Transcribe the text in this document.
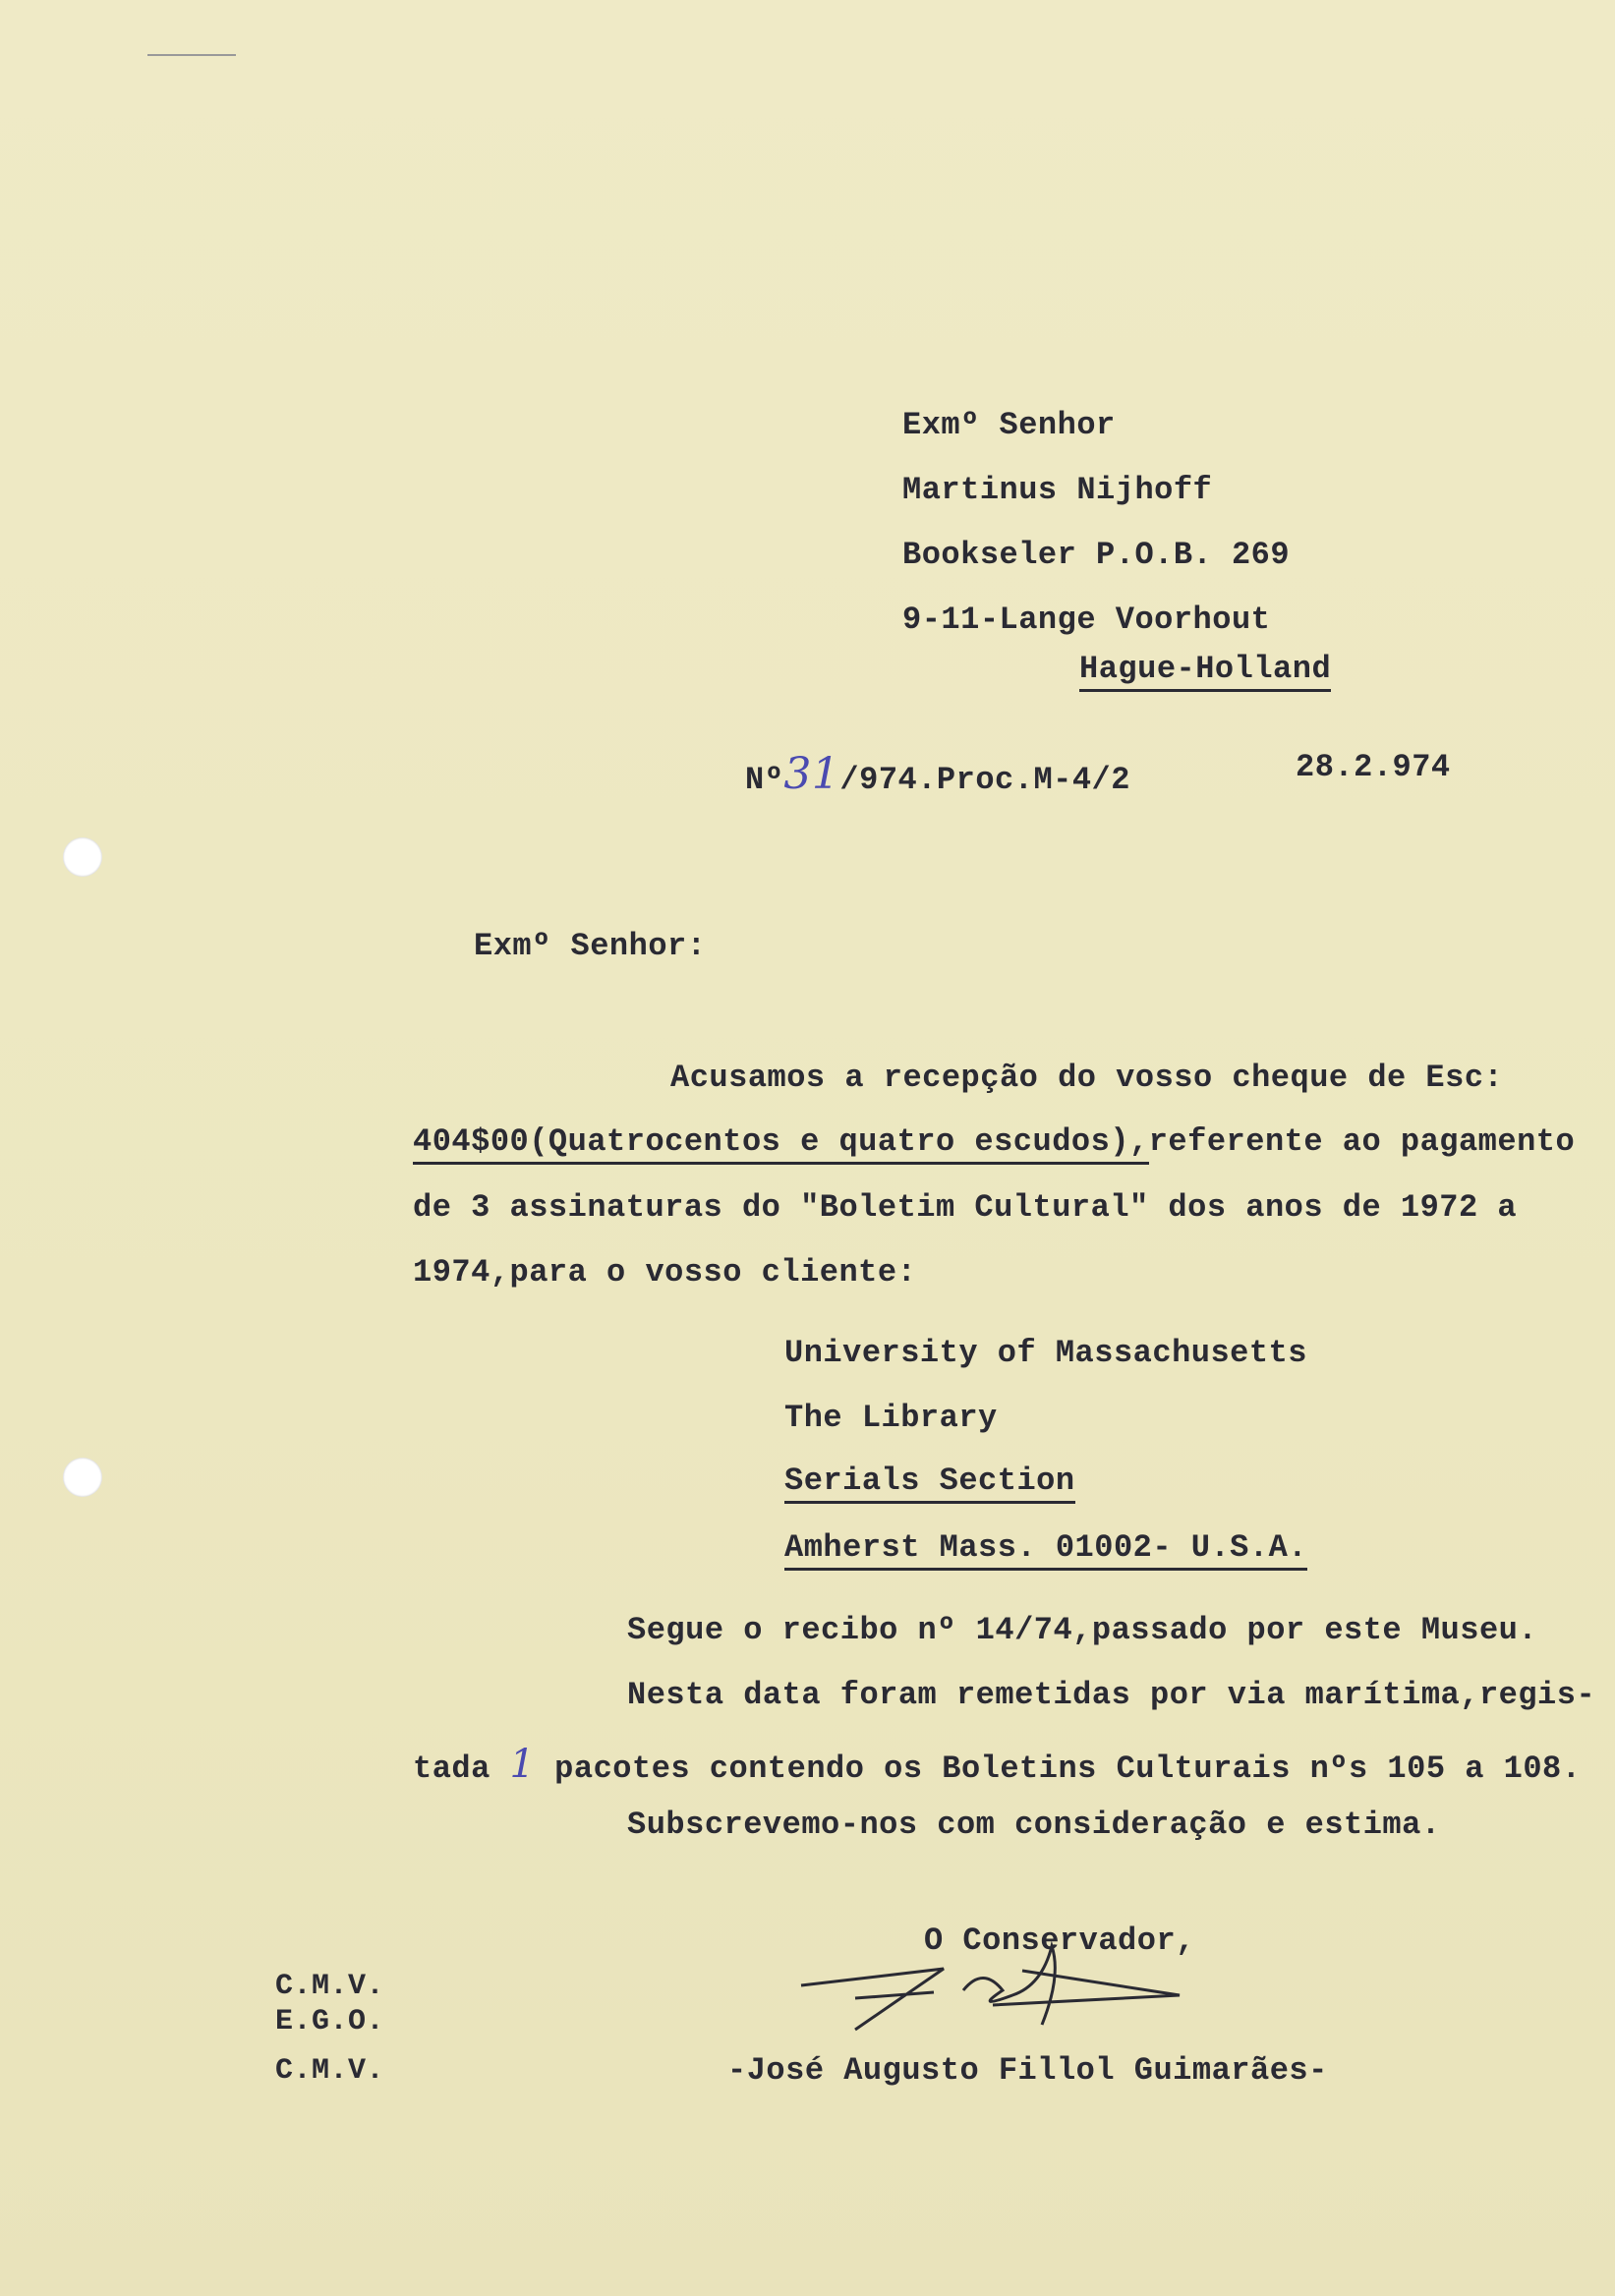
Exmº Senhor
Martinus Nijhoff
Bookseler P.O.B. 269
9-11-Lange Voorhout
Hague-Holland
Nº31/974.Proc.M-4/2	28.2.974
Exmº Senhor:
Acusamos a recepção do vosso cheque de Esc:
404$00(Quatrocentos e quatro escudos),referente ao pagamento
de 3 assinaturas do "Boletim Cultural" dos anos de 1972 a
1974,para o vosso cliente:
University of Massachusetts
The Library
Serials Section
Amherst Mass. 01002- U.S.A.
Segue o recibo nº 14/74,passado por este Museu.
Nesta data foram remetidas por via marítima,regis-
tada 1 pacotes contendo os Boletins Culturais nºs 105 a 108.
Subscrevemo-nos com consideração e estima.
O Conservador,
-José Augusto Fillol Guimarães-
C.M.V.
E.G.O.
C.M.V.
